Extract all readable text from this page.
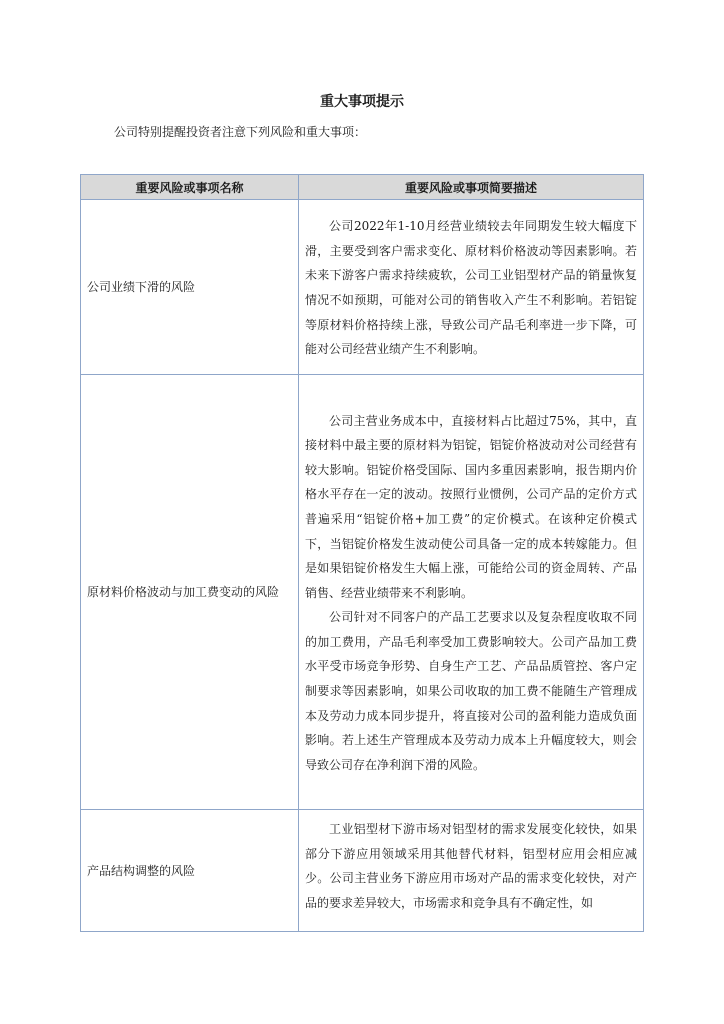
重大事项提示
公司特别提醒投资者注意下列风险和重大事项：
重要风险或事项名称	重要风险或事项简要描述
公司业绩下滑的风险	公司2022年1-10月经营业绩较去年同期发生较大幅度下滑，主要受到客户需求变化、原材料价格波动等因素影响。若未来下游客户需求持续疲软，公司工业铝型材产品的销量恢复情况不如预期，可能对公司的销售收入产生不利影响。若铝锭等原材料价格持续上涨，导致公司产品毛利率进一步下降，可能对公司经营业绩产生不利影响。

原材料价格波动与加工费变动的风险	公司主营业务成本中，直接材料占比超过75%，其中，直接材料中最主要的原材料为铝锭，铝锭价格波动对公司经营有较大影响。铝锭价格受国际、国内多重因素影响，报告期内价格水平存在一定的波动。按照行业惯例，公司产品的定价方式普遍采用“铝锭价格+加工费”的定价模式。在该种定价模式下，当铝锭价格发生波动使公司具备一定的成本转嫁能力。但是如果铝锭价格发生大幅上涨，可能给公司的资金周转、产品销售、经营业绩带来不利影响。

公司针对不同客户的产品工艺要求以及复杂程度收取不同的加工费用，产品毛利率受加工费影响较大。公司产品加工费水平受市场竞争形势、自身生产工艺、产品品质管控、客户定制要求等因素影响，如果公司收取的加工费不能随生产管理成本及劳动力成本同步提升，将直接对公司的盈利能力造成负面影响。若上述生产管理成本及劳动力成本上升幅度较大，则会导致公司存在净利润下滑的风险。

产品结构调整的风险	工业铝型材下游市场对铝型材的需求发展变化较快，如果部分下游应用领域采用其他替代材料，铝型材应用会相应减少。公司主营业务下游应用市场对产品的需求变化较快，对产品的要求差异较大，市场需求和竞争具有不确定性，如
